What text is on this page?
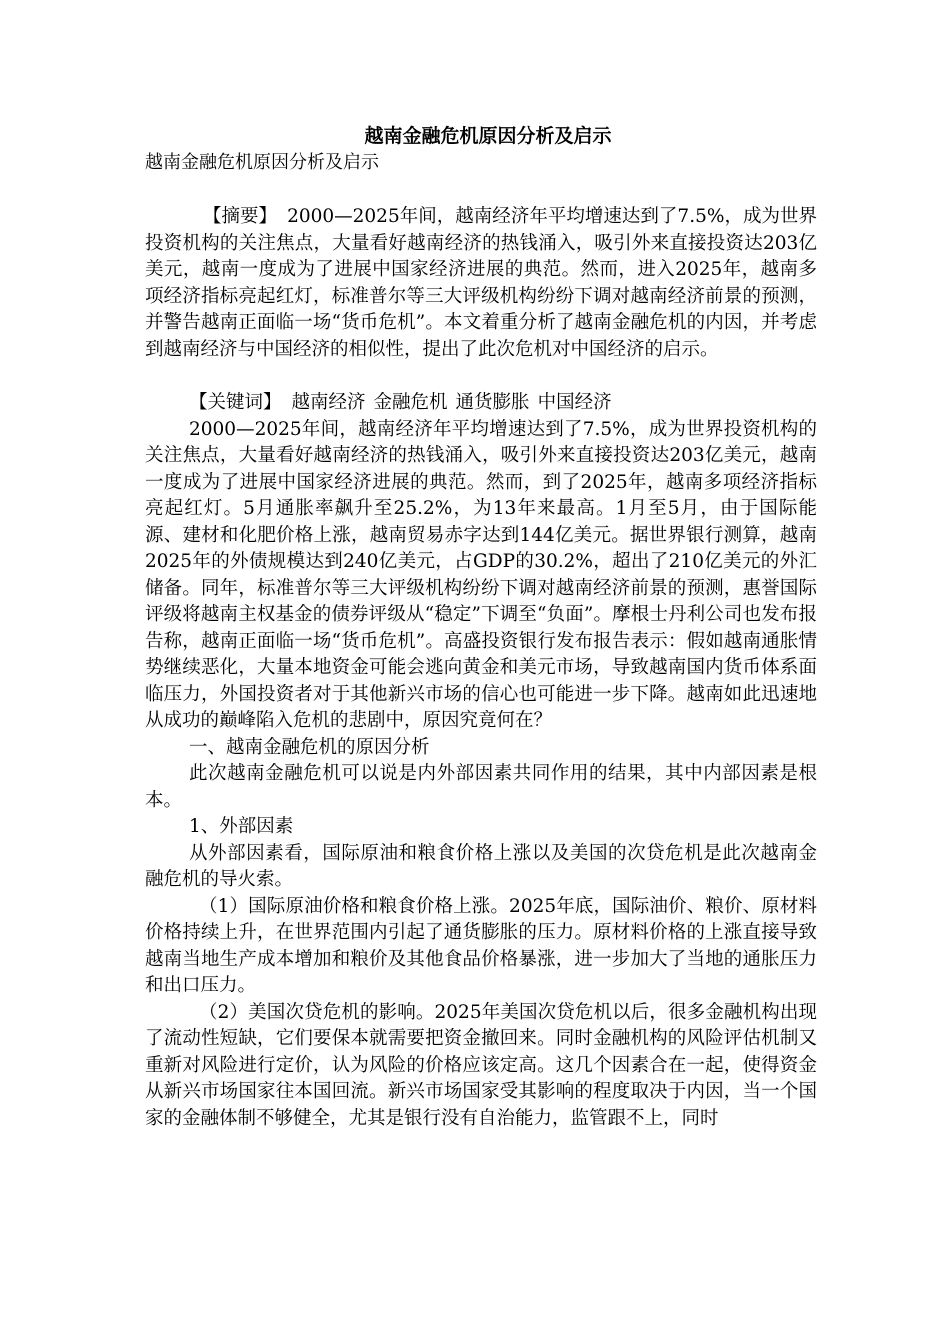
越南金融危机原因分析及启示
越南金融危机原因分析及启示

【摘要】 2000—2025年间，越南经济年平均增速达到了7.5%，成为世界投资机构的关注焦点，大量看好越南经济的热钱涌入，吸引外来直接投资达203亿美元，越南一度成为了进展中国家经济进展的典范。然而，进入2025年，越南多项经济指标亮起红灯，标准普尔等三大评级机构纷纷下调对越南经济前景的预测，并警告越南正面临一场“货币危机”。本文着重分析了越南金融危机的内因，并考虑到越南经济与中国经济的相似性，提出了此次危机对中国经济的启示。

【关键词】 越南经济 金融危机 通货膨胀 中国经济

2000—2025年间，越南经济年平均增速达到了7.5%，成为世界投资机构的关注焦点，大量看好越南经济的热钱涌入，吸引外来直接投资达203亿美元，越南一度成为了进展中国家经济进展的典范。然而，到了2025年，越南多项经济指标亮起红灯。5月通胀率飙升至25.2%，为13年来最高。1月至5月，由于国际能源、建材和化肥价格上涨，越南贸易赤字达到144亿美元。据世界银行测算，越南2025年的外债规模达到240亿美元，占GDP的30.2%，超出了210亿美元的外汇储备。同年，标准普尔等三大评级机构纷纷下调对越南经济前景的预测，惠誉国际评级将越南主权基金的债券评级从“稳定”下调至“负面”。摩根士丹利公司也发布报告称，越南正面临一场“货币危机”。高盛投资银行发布报告表示：假如越南通胀情势继续恶化，大量本地资金可能会逃向黄金和美元市场，导致越南国内货币体系面临压力，外国投资者对于其他新兴市场的信心也可能进一步下降。越南如此迅速地从成功的巅峰陷入危机的悲剧中，原因究竟何在？

一、越南金融危机的原因分析

此次越南金融危机可以说是内外部因素共同作用的结果，其中内部因素是根本。

1、外部因素

从外部因素看，国际原油和粮食价格上涨以及美国的次贷危机是此次越南金融危机的导火索。

（1）国际原油价格和粮食价格上涨。2025年底，国际油价、粮价、原材料价格持续上升，在世界范围内引起了通货膨胀的压力。原材料价格的上涨直接导致越南当地生产成本增加和粮价及其他食品价格暴涨，进一步加大了当地的通胀压力和出口压力。

（2）美国次贷危机的影响。2025年美国次贷危机以后，很多金融机构出现了流动性短缺，它们要保本就需要把资金撤回来。同时金融机构的风险评估机制又重新对风险进行定价，认为风险的价格应该定高。这几个因素合在一起，使得资金从新兴市场国家往本国回流。新兴市场国家受其影响的程度取决于内因，当一个国家的金融体制不够健全，尤其是银行没有自治能力，监管跟不上，同时
